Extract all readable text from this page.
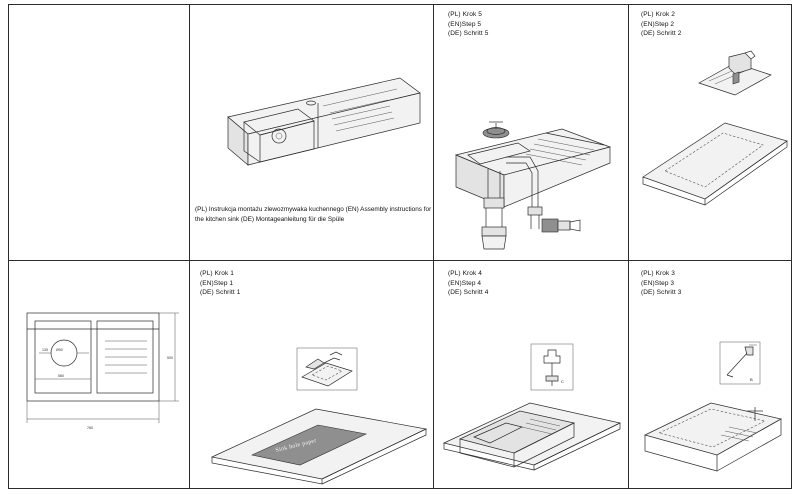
(PL) Instrukcja montażu zlewozmywaka kuchennego (EN) Assembly instructions for the kitchen sink (DE) Montageanleitung für die Spüle
(PL) Krok 5
(EN)Step 5
(DE) Schritt 5
(PL) Krok 2
(EN)Step 2
(DE) Schritt 2
135 Ø90
560
780
500
(PL) Krok 1
(EN)Step 1
(DE) Schritt 1
Sink hole paper
(PL) Krok 4
(EN)Step 4
(DE) Schritt 4
C
(PL) Krok 3
(EN)Step 3
(DE) Schritt 3
B
